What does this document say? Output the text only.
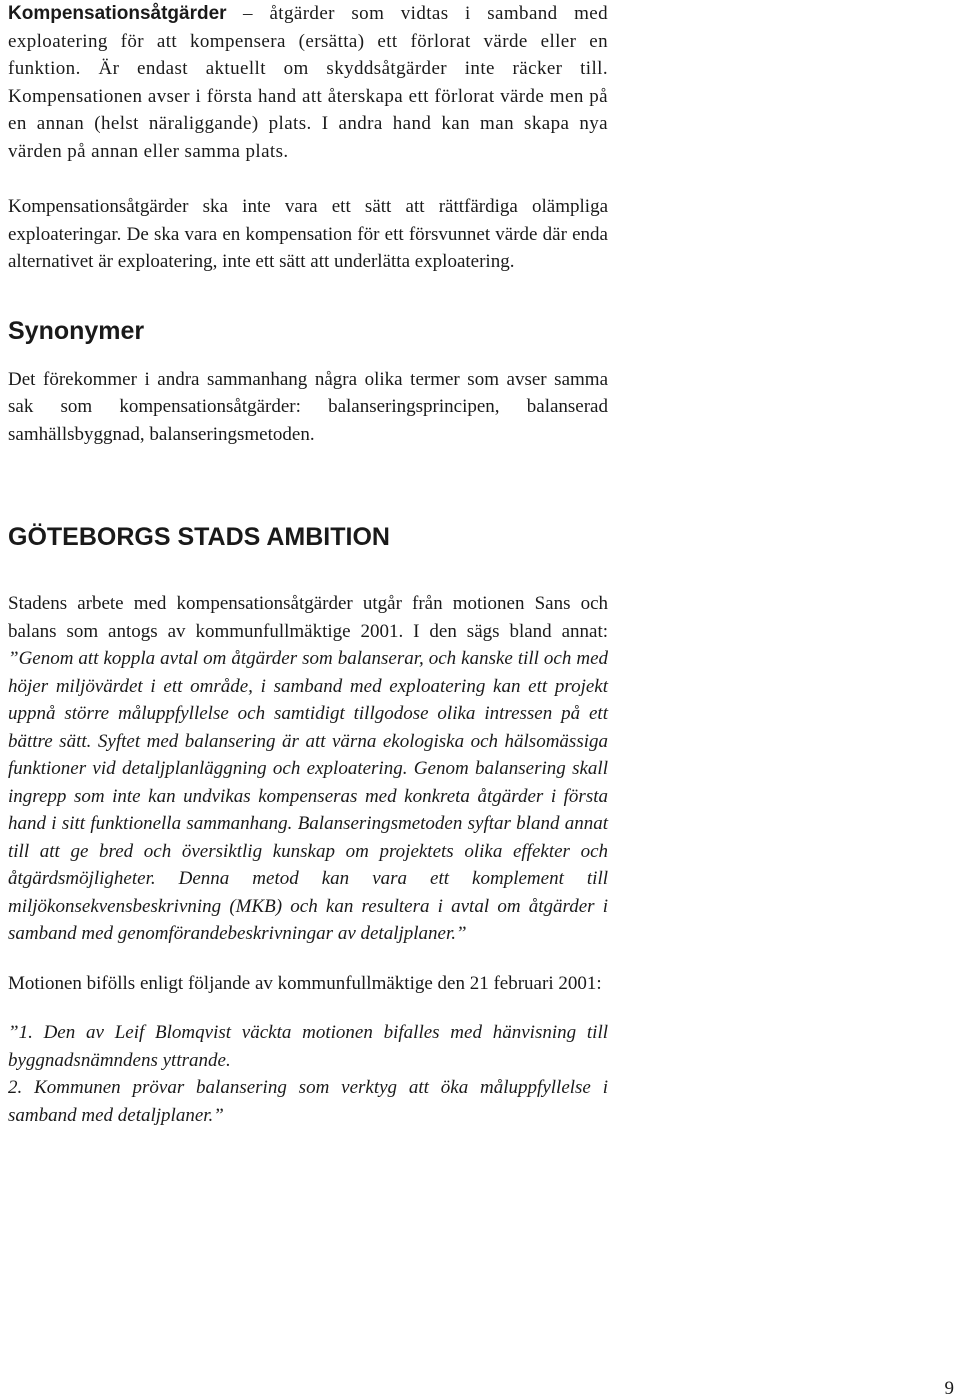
Kompensationsåtgärder – åtgärder som vidtas i samband med exploatering för att kompensera (ersätta) ett förlorat värde eller en funktion. Är endast aktuellt om skyddsåtgärder inte räcker till. Kompensationen avser i första hand att återskapa ett förlorat värde men på en annan (helst näraliggande) plats. I andra hand kan man skapa nya värden på annan eller samma plats.

Kompensationsåtgärder ska inte vara ett sätt att rättfärdiga olämpliga exploateringar. De ska vara en kompensation för ett försvunnet värde där enda alternativet är exploatering, inte ett sätt att underlätta exploatering.

Synonymer

Det förekommer i andra sammanhang några olika termer som avser samma sak som kompensationsåtgärder: balanseringsprincipen, balanserad samhällsbyggnad, balanseringsmetoden.

GÖTEBORGS STADS AMBITION

Stadens arbete med kompensationsåtgärder utgår från motionen Sans och balans som antogs av kommunfullmäktige 2001. I den sägs bland annat: ”Genom att koppla avtal om åtgärder som balanserar, och kanske till och med höjer miljövärdet i ett område, i samband med exploatering kan ett projekt uppnå större måluppfyllelse och samtidigt tillgodose olika intressen på ett bättre sätt. Syftet med balansering är att värna ekologiska och hälsomässiga funktioner vid detaljplanläggning och exploatering. Genom balansering skall ingrepp som inte kan undvikas kompenseras med konkreta åtgärder i första hand i sitt funktionella sammanhang. Balanseringsmetoden syftar bland annat till att ge bred och översiktlig kunskap om projektets olika effekter och åtgärdsmöjligheter. Denna metod kan vara ett komplement till miljökonsekvensbeskrivning (MKB) och kan resultera i avtal om åtgärder i samband med genomförandebeskrivningar av detaljplaner.”

Motionen bifölls enligt följande av kommunfullmäktige den 21 februari 2001:

”1. Den av Leif Blomqvist väckta motionen bifalles med hänvisning till byggnadsnämndens yttrande.

2. Kommunen prövar balansering som verktyg att öka måluppfyllelse i samband med detaljplaner.”

9
